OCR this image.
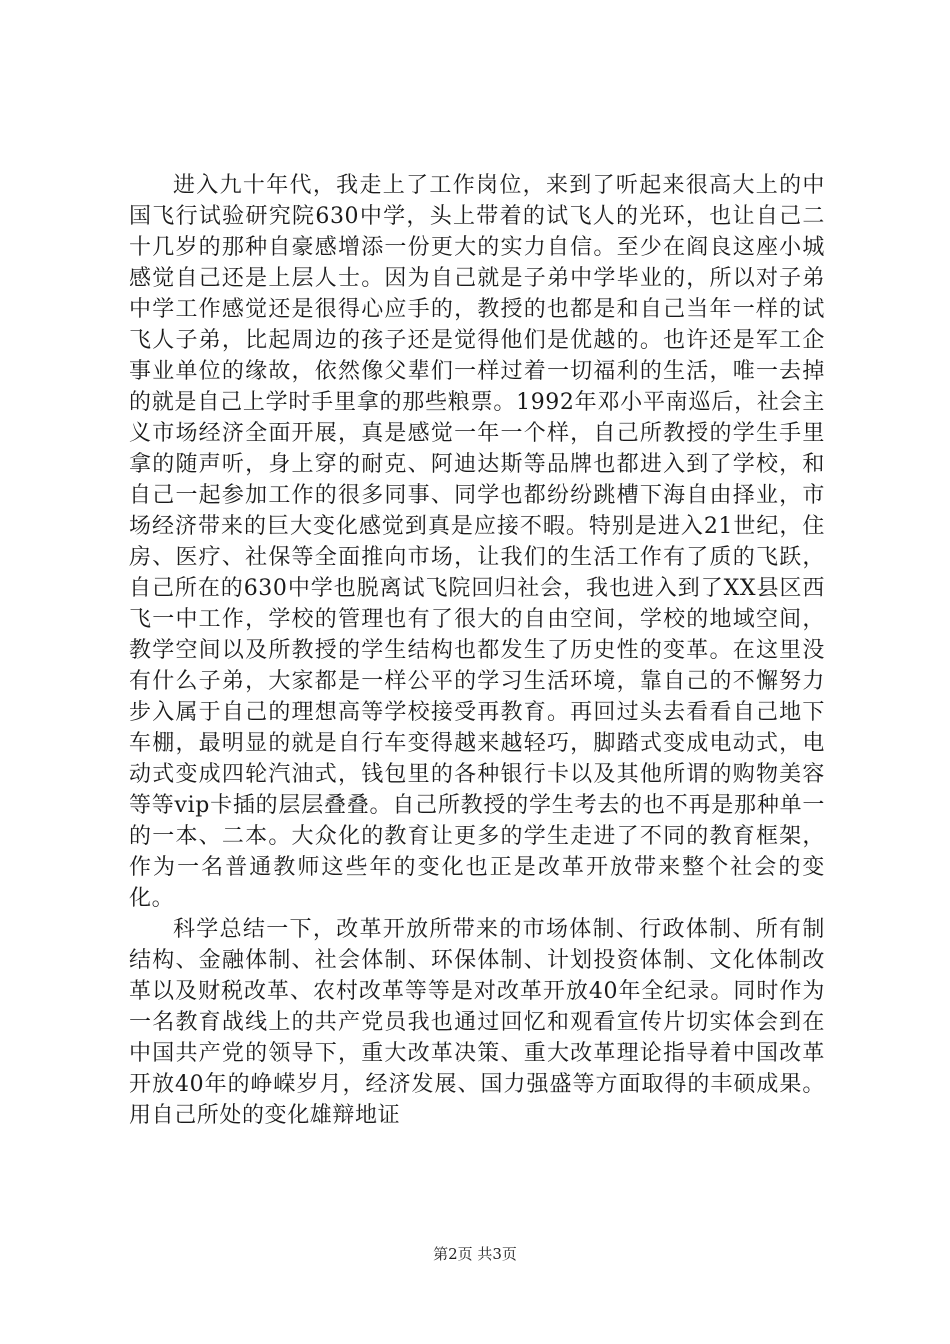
进入九十年代，我走上了工作岗位，来到了听起来很高大上的中国飞行试验研究院630中学，头上带着的试飞人的光环，也让自己二十几岁的那种自豪感增添一份更大的实力自信。至少在阎良这座小城感觉自己还是上层人士。因为自己就是子弟中学毕业的，所以对子弟中学工作感觉还是很得心应手的，教授的也都是和自己当年一样的试飞人子弟，比起周边的孩子还是觉得他们是优越的。也许还是军工企事业单位的缘故，依然像父辈们一样过着一切福利的生活，唯一去掉的就是自己上学时手里拿的那些粮票。1992年邓小平南巡后，社会主义市场经济全面开展，真是感觉一年一个样，自己所教授的学生手里拿的随声听，身上穿的耐克、阿迪达斯等品牌也都进入到了学校，和自己一起参加工作的很多同事、同学也都纷纷跳槽下海自由择业，市场经济带来的巨大变化感觉到真是应接不暇。特别是进入21世纪，住房、医疗、社保等全面推向市场，让我们的生活工作有了质的飞跃，自己所在的630中学也脱离试飞院回归社会，我也进入到了XX县区西飞一中工作，学校的管理也有了很大的自由空间，学校的地域空间，教学空间以及所教授的学生结构也都发生了历史性的变革。在这里没有什么子弟，大家都是一样公平的学习生活环境，靠自己的不懈努力步入属于自己的理想高等学校接受再教育。再回过头去看看自己地下车棚，最明显的就是自行车变得越来越轻巧，脚踏式变成电动式，电动式变成四轮汽油式，钱包里的各种银行卡以及其他所谓的购物美容等等vip卡插的层层叠叠。自己所教授的学生考去的也不再是那种单一的一本、二本。大众化的教育让更多的学生走进了不同的教育框架，作为一名普通教师这些年的变化也正是改革开放带来整个社会的变化。

科学总结一下，改革开放所带来的市场体制、行政体制、所有制结构、金融体制、社会体制、环保体制、计划投资体制、文化体制改革以及财税改革、农村改革等等是对改革开放40年全纪录。同时作为一名教育战线上的共产党员我也通过回忆和观看宣传片切实体会到在中国共产党的领导下，重大改革决策、重大改革理论指导着中国改革开放40年的峥嵘岁月，经济发展、国力强盛等方面取得的丰硕成果。用自己所处的变化雄辩地证

第2页 共3页
